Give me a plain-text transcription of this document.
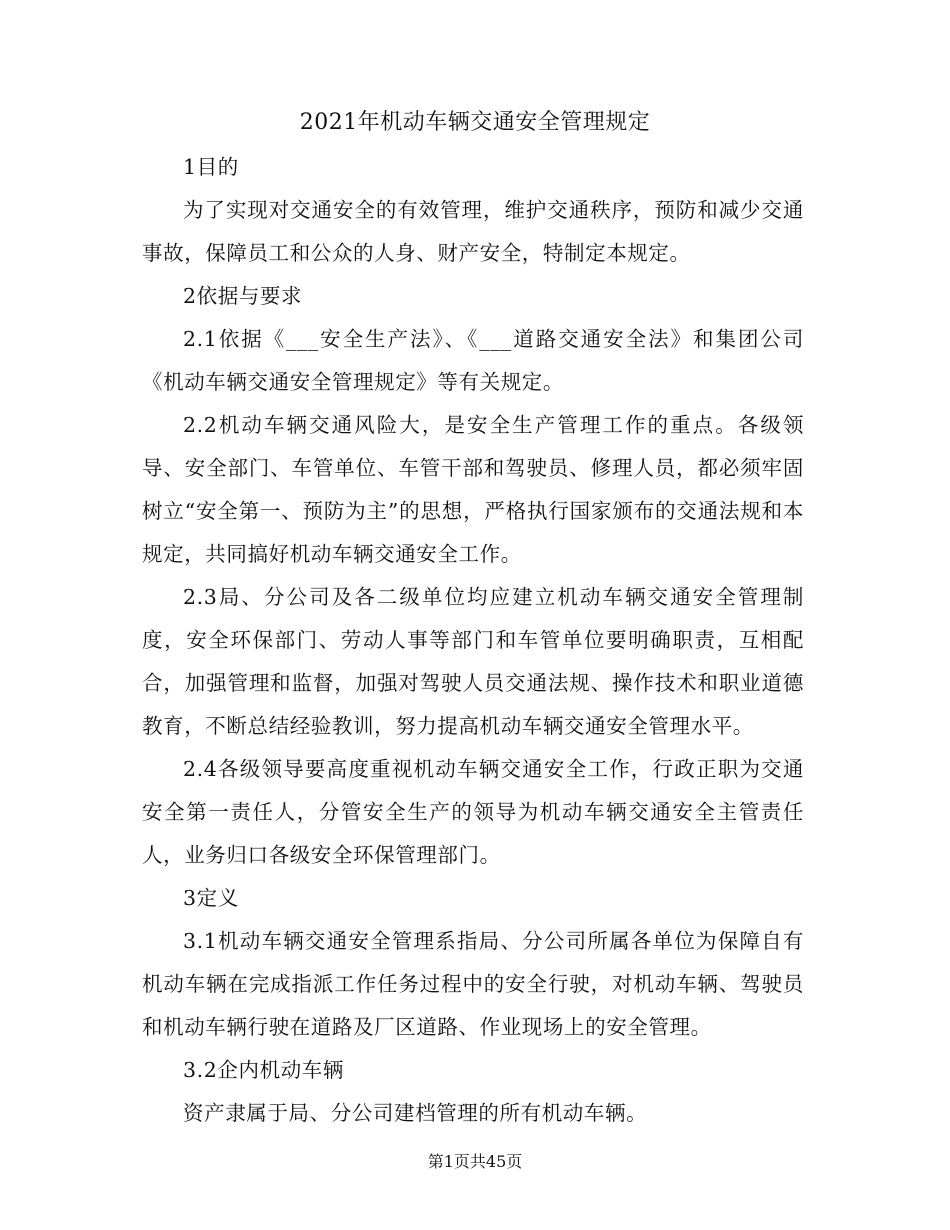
2021年机动车辆交通安全管理规定

1目的

为了实现对交通安全的有效管理，维护交通秩序，预防和减少交通事故，保障员工和公众的人身、财产安全，特制定本规定。

2依据与要求

2.1依据《___安全生产法》、《___道路交通安全法》和集团公司《机动车辆交通安全管理规定》等有关规定。

2.2机动车辆交通风险大，是安全生产管理工作的重点。各级领导、安全部门、车管单位、车管干部和驾驶员、修理人员，都必须牢固树立“安全第一、预防为主”的思想，严格执行国家颁布的交通法规和本规定，共同搞好机动车辆交通安全工作。

2.3局、分公司及各二级单位均应建立机动车辆交通安全管理制度，安全环保部门、劳动人事等部门和车管单位要明确职责，互相配合，加强管理和监督，加强对驾驶人员交通法规、操作技术和职业道德教育，不断总结经验教训，努力提高机动车辆交通安全管理水平。

2.4各级领导要高度重视机动车辆交通安全工作，行政正职为交通安全第一责任人，分管安全生产的领导为机动车辆交通安全主管责任人，业务归口各级安全环保管理部门。

3定义

3.1机动车辆交通安全管理系指局、分公司所属各单位为保障自有机动车辆在完成指派工作任务过程中的安全行驶，对机动车辆、驾驶员和机动车辆行驶在道路及厂区道路、作业现场上的安全管理。

3.2企内机动车辆

资产隶属于局、分公司建档管理的所有机动车辆。

第1页共45页
